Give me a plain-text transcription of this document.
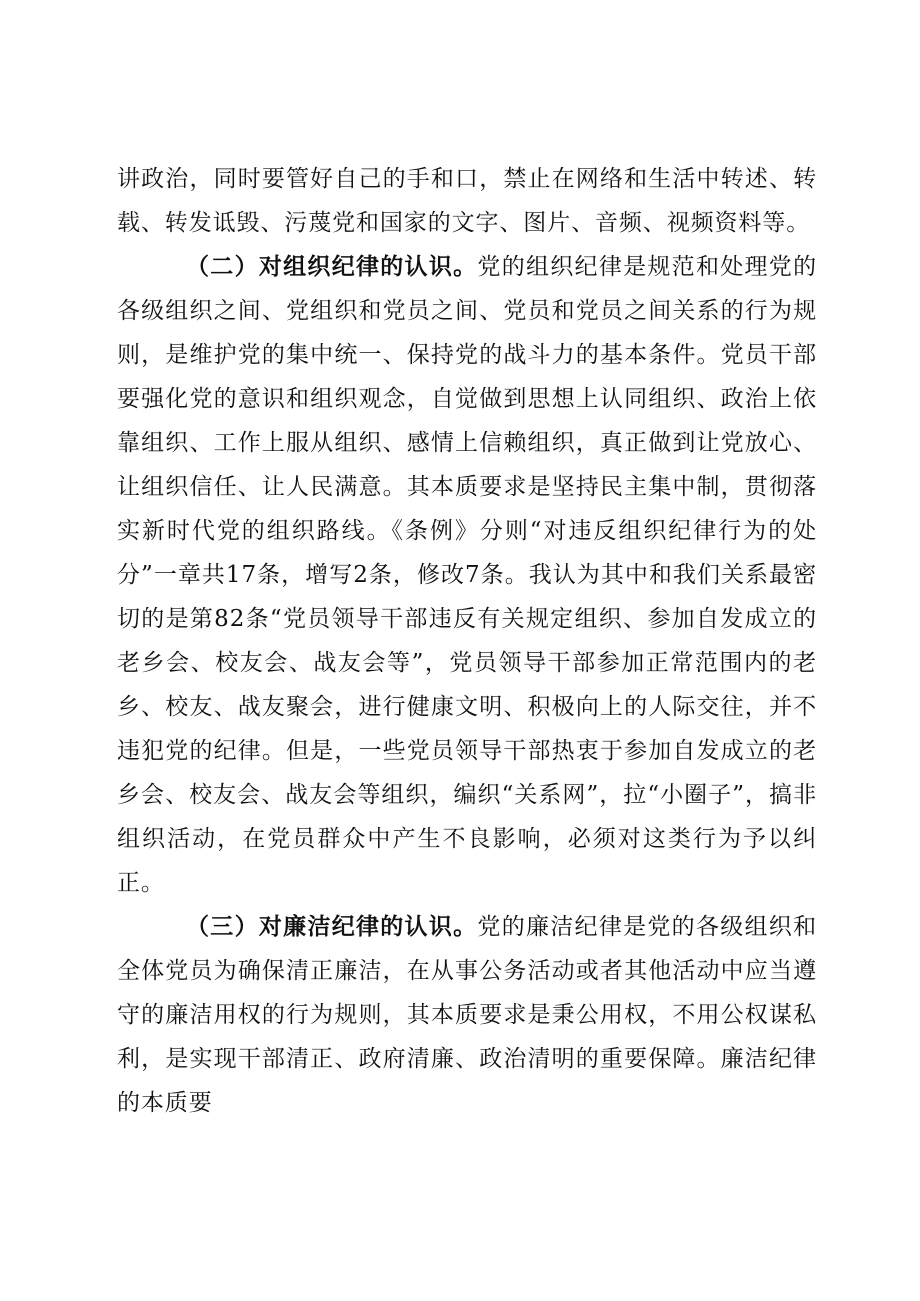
讲政治，同时要管好自己的手和口，禁止在网络和生活中转述、转载、转发诋毁、污蔑党和国家的文字、图片、音频、视频资料等。

（二）对组织纪律的认识。党的组织纪律是规范和处理党的各级组织之间、党组织和党员之间、党员和党员之间关系的行为规则，是维护党的集中统一、保持党的战斗力的基本条件。党员干部要强化党的意识和组织观念，自觉做到思想上认同组织、政治上依靠组织、工作上服从组织、感情上信赖组织，真正做到让党放心、让组织信任、让人民满意。其本质要求是坚持民主集中制，贯彻落实新时代党的组织路线。《条例》分则“对违反组织纪律行为的处分”一章共17条，增写2条，修改7条。我认为其中和我们关系最密切的是第82条“党员领导干部违反有关规定组织、参加自发成立的老乡会、校友会、战友会等”，党员领导干部参加正常范围内的老乡、校友、战友聚会，进行健康文明、积极向上的人际交往，并不违犯党的纪律。但是，一些党员领导干部热衷于参加自发成立的老乡会、校友会、战友会等组织，编织“关系网”，拉“小圈子”，搞非组织活动，在党员群众中产生不良影响，必须对这类行为予以纠正。

（三）对廉洁纪律的认识。党的廉洁纪律是党的各级组织和全体党员为确保清正廉洁，在从事公务活动或者其他活动中应当遵守的廉洁用权的行为规则，其本质要求是秉公用权，不用公权谋私利，是实现干部清正、政府清廉、政治清明的重要保障。廉洁纪律的本质要
